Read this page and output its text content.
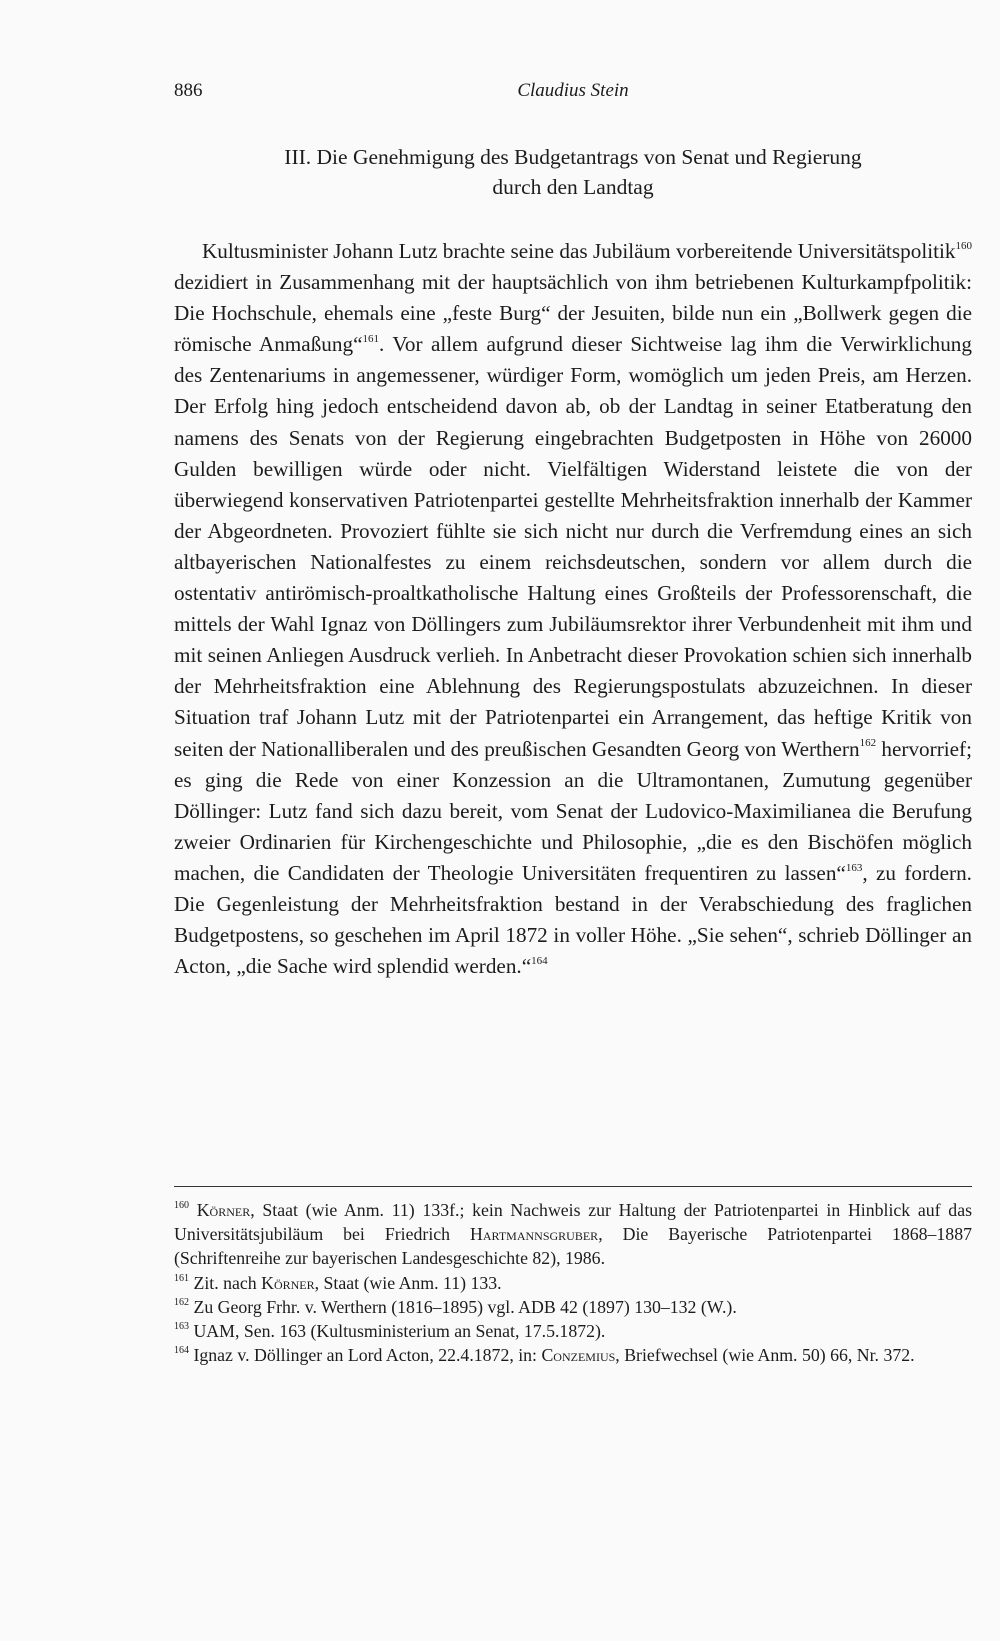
886	Claudius Stein
III. Die Genehmigung des Budgetantrags von Senat und Regierung
durch den Landtag

Kultusminister Johann Lutz brachte seine das Jubiläum vorbereitende Universitätspolitik$^{160}$ dezidiert in Zusammenhang mit der hauptsächlich von ihm betriebenen Kulturkampfpolitik: Die Hochschule, ehemals eine „feste Burg“ der Jesuiten, bilde nun ein „Bollwerk gegen die römische Anmaßung“$^{161}$. Vor allem aufgrund dieser Sichtweise lag ihm die Verwirklichung des Zentenariums in angemessener, würdiger Form, womöglich um jeden Preis, am Herzen. Der Erfolg hing jedoch entscheidend davon ab, ob der Landtag in seiner Etatberatung den namens des Senats von der Regierung eingebrachten Budgetposten in Höhe von 26000 Gulden bewilligen würde oder nicht. Vielfältigen Widerstand leistete die von der überwiegend konservativen Patriotenpartei gestellte Mehrheitsfraktion innerhalb der Kammer der Abgeordneten. Provoziert fühlte sie sich nicht nur durch die Verfremdung eines an sich altbayerischen Nationalfestes zu einem reichsdeutschen, sondern vor allem durch die ostentativ antirömisch-proaltkatholische Haltung eines Großteils der Professorenschaft, die mittels der Wahl Ignaz von Döllingers zum Jubiläumsrektor ihrer Verbundenheit mit ihm und mit seinen Anliegen Ausdruck verlieh. In Anbetracht dieser Provokation schien sich innerhalb der Mehrheitsfraktion eine Ablehnung des Regierungspostulats abzuzeichnen. In dieser Situation traf Johann Lutz mit der Patriotenpartei ein Arrangement, das heftige Kritik von seiten der Nationalliberalen und des preußischen Gesandten Georg von Werthern$^{162}$ hervorrief; es ging die Rede von einer Konzession an die Ultramontanen, Zumutung gegenüber Döllinger: Lutz fand sich dazu bereit, vom Senat der Ludovico-Maximilianea die Berufung zweier Ordinarien für Kirchengeschichte und Philosophie, „die es den Bischöfen möglich machen, die Candidaten der Theologie Universitäten frequentiren zu lassen“$^{163}$, zu fordern. Die Gegenleistung der Mehrheitsfraktion bestand in der Verabschiedung des fraglichen Budgetpostens, so geschehen im April 1872 in voller Höhe. „Sie sehen“, schrieb Döllinger an Acton, „die Sache wird splendid werden.“$^{164}$

$^{160}$ Körner, Staat (wie Anm. 11) 133f.; kein Nachweis zur Haltung der Patriotenpartei in Hinblick auf das Universitätsjubiläum bei Friedrich Hartmannsgruber, Die Bayerische Patriotenpartei 1868–1887 (Schriftenreihe zur bayerischen Landesgeschichte 82), 1986.

$^{161}$ Zit. nach Körner, Staat (wie Anm. 11) 133.

$^{162}$ Zu Georg Frhr. v. Werthern (1816–1895) vgl. ADB 42 (1897) 130–132 (W.).

$^{163}$ UAM, Sen. 163 (Kultusministerium an Senat, 17.5.1872).

$^{164}$ Ignaz v. Döllinger an Lord Acton, 22.4.1872, in: Conzemius, Briefwechsel (wie Anm. 50) 66, Nr. 372.
